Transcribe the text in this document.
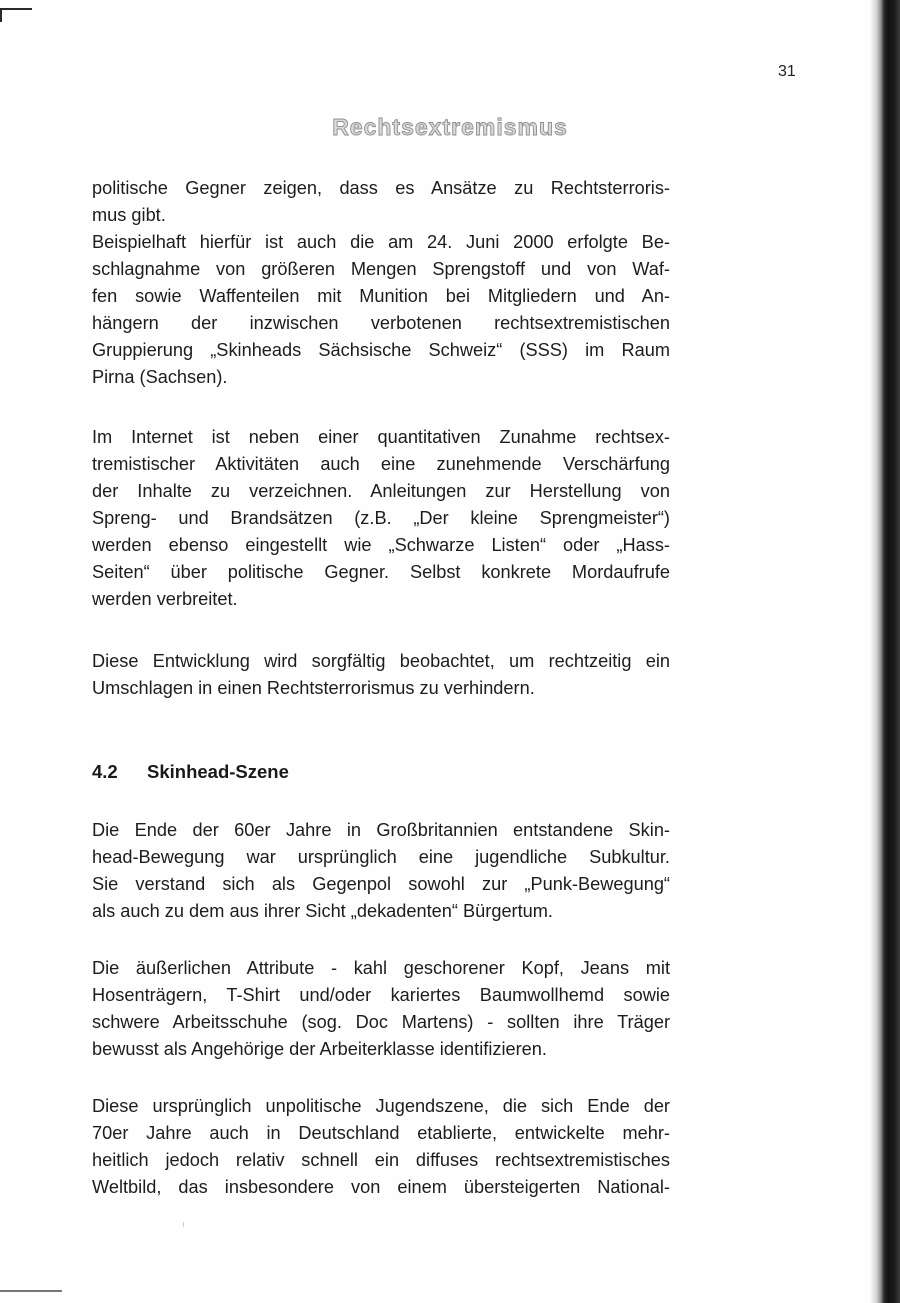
31
Rechtsextremismus

politische Gegner zeigen, dass es Ansätze zu Rechtsterroris-
mus gibt.

Beispielhaft hierfür ist auch die am 24. Juni 2000 erfolgte Be-
schlagnahme von größeren Mengen Sprengstoff und von Waf-
fen sowie Waffenteilen mit Munition bei Mitgliedern und An-
hängern der inzwischen verbotenen rechtsextremistischen
Gruppierung „Skinheads Sächsische Schweiz“ (SSS) im Raum
Pirna (Sachsen).

Im Internet ist neben einer quantitativen Zunahme rechtsex-
tremistischer Aktivitäten auch eine zunehmende Verschärfung
der Inhalte zu verzeichnen. Anleitungen zur Herstellung von
Spreng- und Brandsätzen (z.B. „Der kleine Sprengmeister“)
werden ebenso eingestellt wie „Schwarze Listen“ oder „Hass-
Seiten“ über politische Gegner. Selbst konkrete Mordaufrufe
werden verbreitet.

Diese Entwicklung wird sorgfältig beobachtet, um rechtzeitig ein
Umschlagen in einen Rechtsterrorismus zu verhindern.

4.2 Skinhead-Szene

Die Ende der 60er Jahre in Großbritannien entstandene Skin-
head-Bewegung war ursprünglich eine jugendliche Subkultur.
Sie verstand sich als Gegenpol sowohl zur „Punk-Bewegung“
als auch zu dem aus ihrer Sicht „dekadenten“ Bürgertum.

Die äußerlichen Attribute - kahl geschorener Kopf, Jeans mit
Hosenträgern, T-Shirt und/oder kariertes Baumwollhemd sowie
schwere Arbeitsschuhe (sog. Doc Martens) - sollten ihre Träger
bewusst als Angehörige der Arbeiterklasse identifizieren.

Diese ursprünglich unpolitische Jugendszene, die sich Ende der
70er Jahre auch in Deutschland etablierte, entwickelte mehr-
heitlich jedoch relativ schnell ein diffuses rechtsextremistisches
Weltbild, das insbesondere von einem übersteigerten National-
